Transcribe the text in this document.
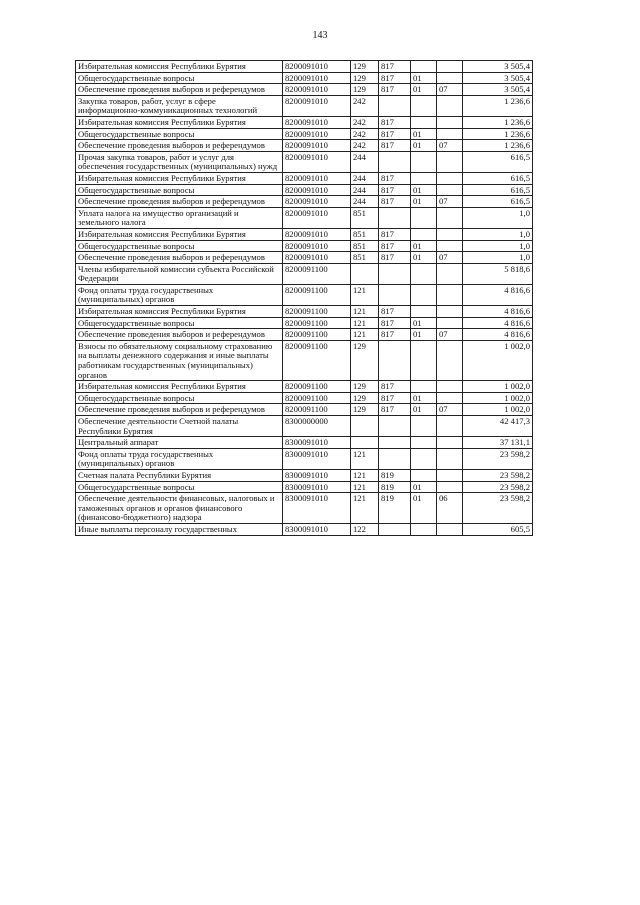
143
Избирательная комиссия Республики Бурятия	8200091010	129	817			3 505,4
Общегосударственные вопросы	8200091010	129	817	01		3 505,4
Обеспечение проведения выборов и референдумов	8200091010	129	817	01	07	3 505,4
Закупка товаров, работ, услуг в сфере информационно-коммуникационных технологий	8200091010	242				1 236,6
Избирательная комиссия Республики Бурятия	8200091010	242	817			1 236,6
Общегосударственные вопросы	8200091010	242	817	01		1 236,6
Обеспечение проведения выборов и референдумов	8200091010	242	817	01	07	1 236,6
Прочая закупка товаров, работ и услуг для обеспечения государственных (муниципальных) нужд	8200091010	244				616,5
Избирательная комиссия Республики Бурятия	8200091010	244	817			616,5
Общегосударственные вопросы	8200091010	244	817	01		616,5
Обеспечение проведения выборов и референдумов	8200091010	244	817	01	07	616,5
Уплата налога на имущество организаций и земельного налога	8200091010	851				1,0
Избирательная комиссия Республики Бурятия	8200091010	851	817			1,0
Общегосударственные вопросы	8200091010	851	817	01		1,0
Обеспечение проведения выборов и референдумов	8200091010	851	817	01	07	1,0
Члены избирательной комиссии субъекта Российской Федерации	8200091100					5 818,6
Фонд оплаты труда государственных (муниципальных) органов	8200091100	121				4 816,6
Избирательная комиссия Республики Бурятия	8200091100	121	817			4 816,6
Общегосударственные вопросы	8200091100	121	817	01		4 816,6
Обеспечение проведения выборов и референдумов	8200091100	121	817	01	07	4 816,6
Взносы по обязательному социальному страхованию на выплаты денежного содержания и иные выплаты работникам государственных (муниципальных) органов	8200091100	129				1 002,0
Избирательная комиссия Республики Бурятия	8200091100	129	817			1 002,0
Общегосударственные вопросы	8200091100	129	817	01		1 002,0
Обеспечение проведения выборов и референдумов	8200091100	129	817	01	07	1 002,0
Обеспечение деятельности Счетной палаты Республики Бурятия	8300000000					42 417,3
Центральный аппарат	8300091010					37 131,1
Фонд оплаты труда государственных (муниципальных) органов	8300091010	121				23 598,2
Счетная палата Республики Бурятия	8300091010	121	819			23 598,2
Общегосударственные вопросы	8300091010	121	819	01		23 598,2
Обеспечение деятельности финансовых, налоговых и таможенных органов и органов финансового (финансово-бюджетного) надзора	8300091010	121	819	01	06	23 598,2
Иные выплаты персоналу государственных	8300091010	122				605,5
